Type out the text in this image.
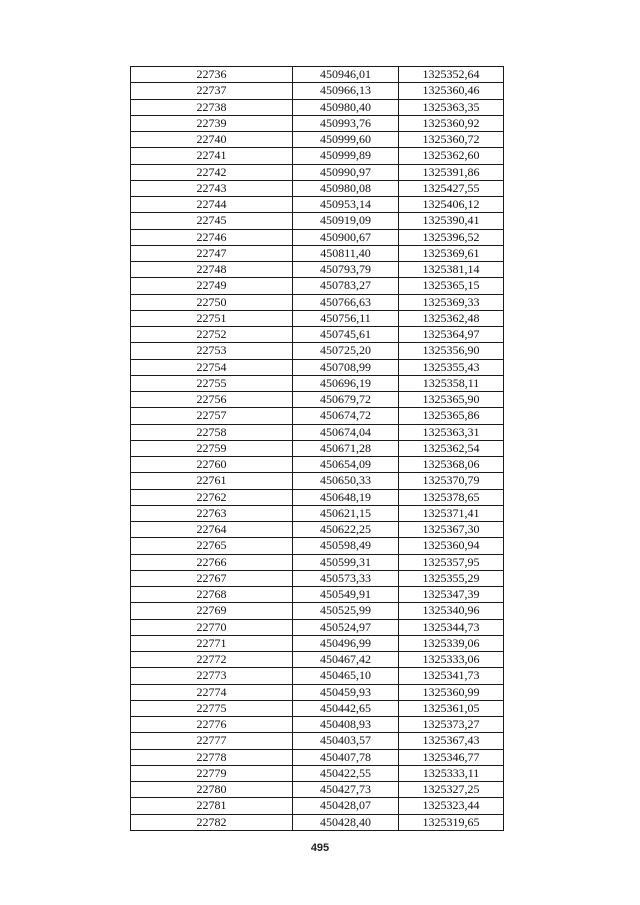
22736	450946,01	1325352,64
22737	450966,13	1325360,46
22738	450980,40	1325363,35
22739	450993,76	1325360,92
22740	450999,60	1325360,72
22741	450999,89	1325362,60
22742	450990,97	1325391,86
22743	450980,08	1325427,55
22744	450953,14	1325406,12
22745	450919,09	1325390,41
22746	450900,67	1325396,52
22747	450811,40	1325369,61
22748	450793,79	1325381,14
22749	450783,27	1325365,15
22750	450766,63	1325369,33
22751	450756,11	1325362,48
22752	450745,61	1325364,97
22753	450725,20	1325356,90
22754	450708,99	1325355,43
22755	450696,19	1325358,11
22756	450679,72	1325365,90
22757	450674,72	1325365,86
22758	450674,04	1325363,31
22759	450671,28	1325362,54
22760	450654,09	1325368,06
22761	450650,33	1325370,79
22762	450648,19	1325378,65
22763	450621,15	1325371,41
22764	450622,25	1325367,30
22765	450598,49	1325360,94
22766	450599,31	1325357,95
22767	450573,33	1325355,29
22768	450549,91	1325347,39
22769	450525,99	1325340,96
22770	450524,97	1325344,73
22771	450496,99	1325339,06
22772	450467,42	1325333,06
22773	450465,10	1325341,73
22774	450459,93	1325360,99
22775	450442,65	1325361,05
22776	450408,93	1325373,27
22777	450403,57	1325367,43
22778	450407,78	1325346,77
22779	450422,55	1325333,11
22780	450427,73	1325327,25
22781	450428,07	1325323,44
22782	450428,40	1325319,65
495
